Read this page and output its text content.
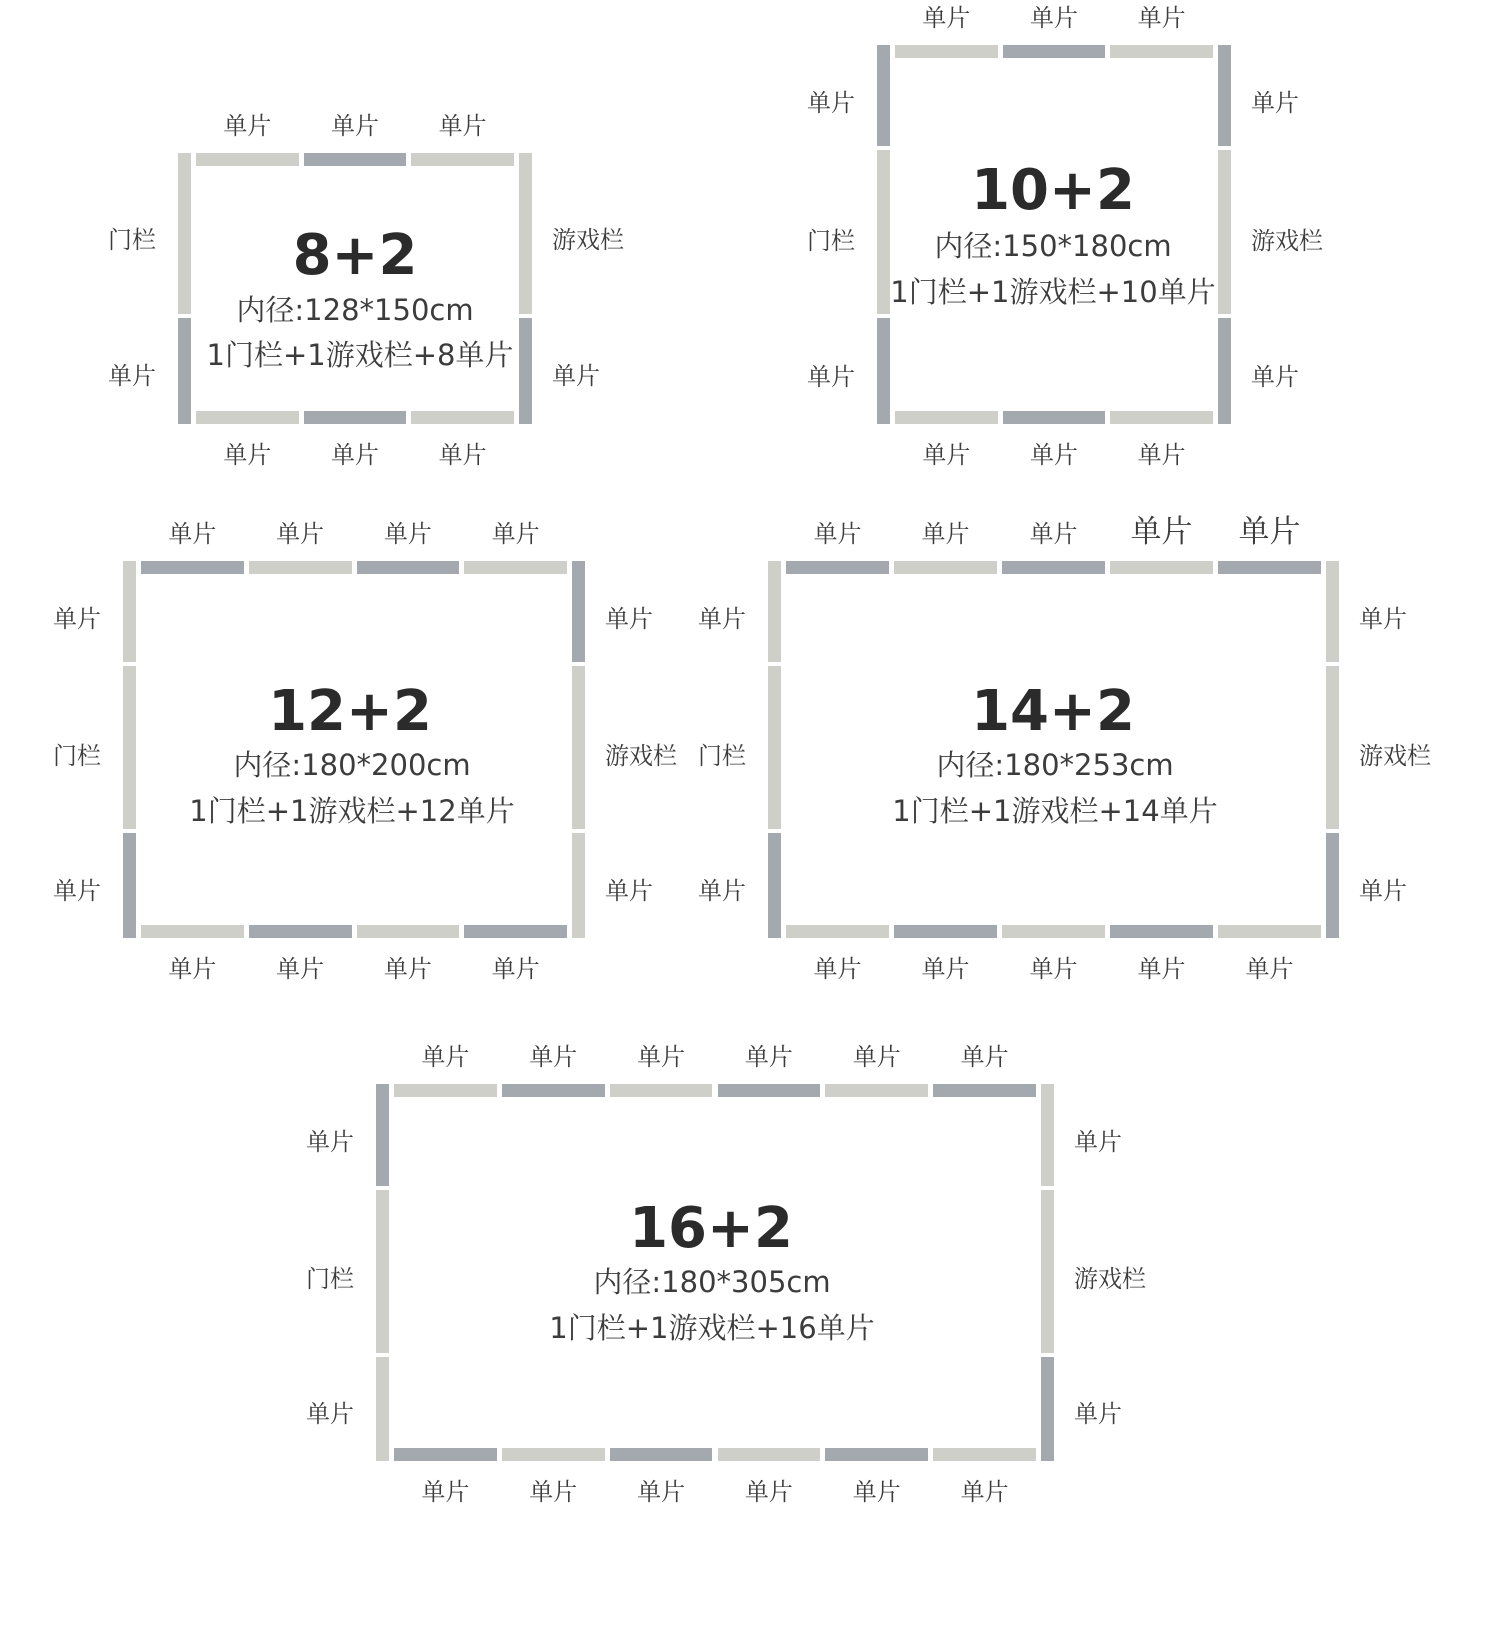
单片 单片 单片
单片 单片 单片
门栏
单片
游戏栏
单片
8+2
内径:128*150cm
1门栏+1游戏栏+8单片
单片 单片 单片
单片 单片 单片
单片
门栏
单片
单片
游戏栏
单片
10+2
内径:150*180cm
1门栏+1游戏栏+10单片
单片 单片 单片 单片
单片 单片 单片 单片
单片
门栏
单片
单片
游戏栏
单片
12+2
内径:180*200cm
1门栏+1游戏栏+12单片
单片	单片	单片 单片 单片
单片	单片	单片	单片	单片
单片
门栏
单片
单片
游戏栏
单片
14+2
内径:180*253cm
1门栏+1游戏栏+14单片
单片 单片 单片 单片 单片 单片
单片 单片 单片 单片 单片 单片
单片
门栏
单片
单片
游戏栏
单片
16+2
内径:180*305cm
1门栏+1游戏栏+16单片
